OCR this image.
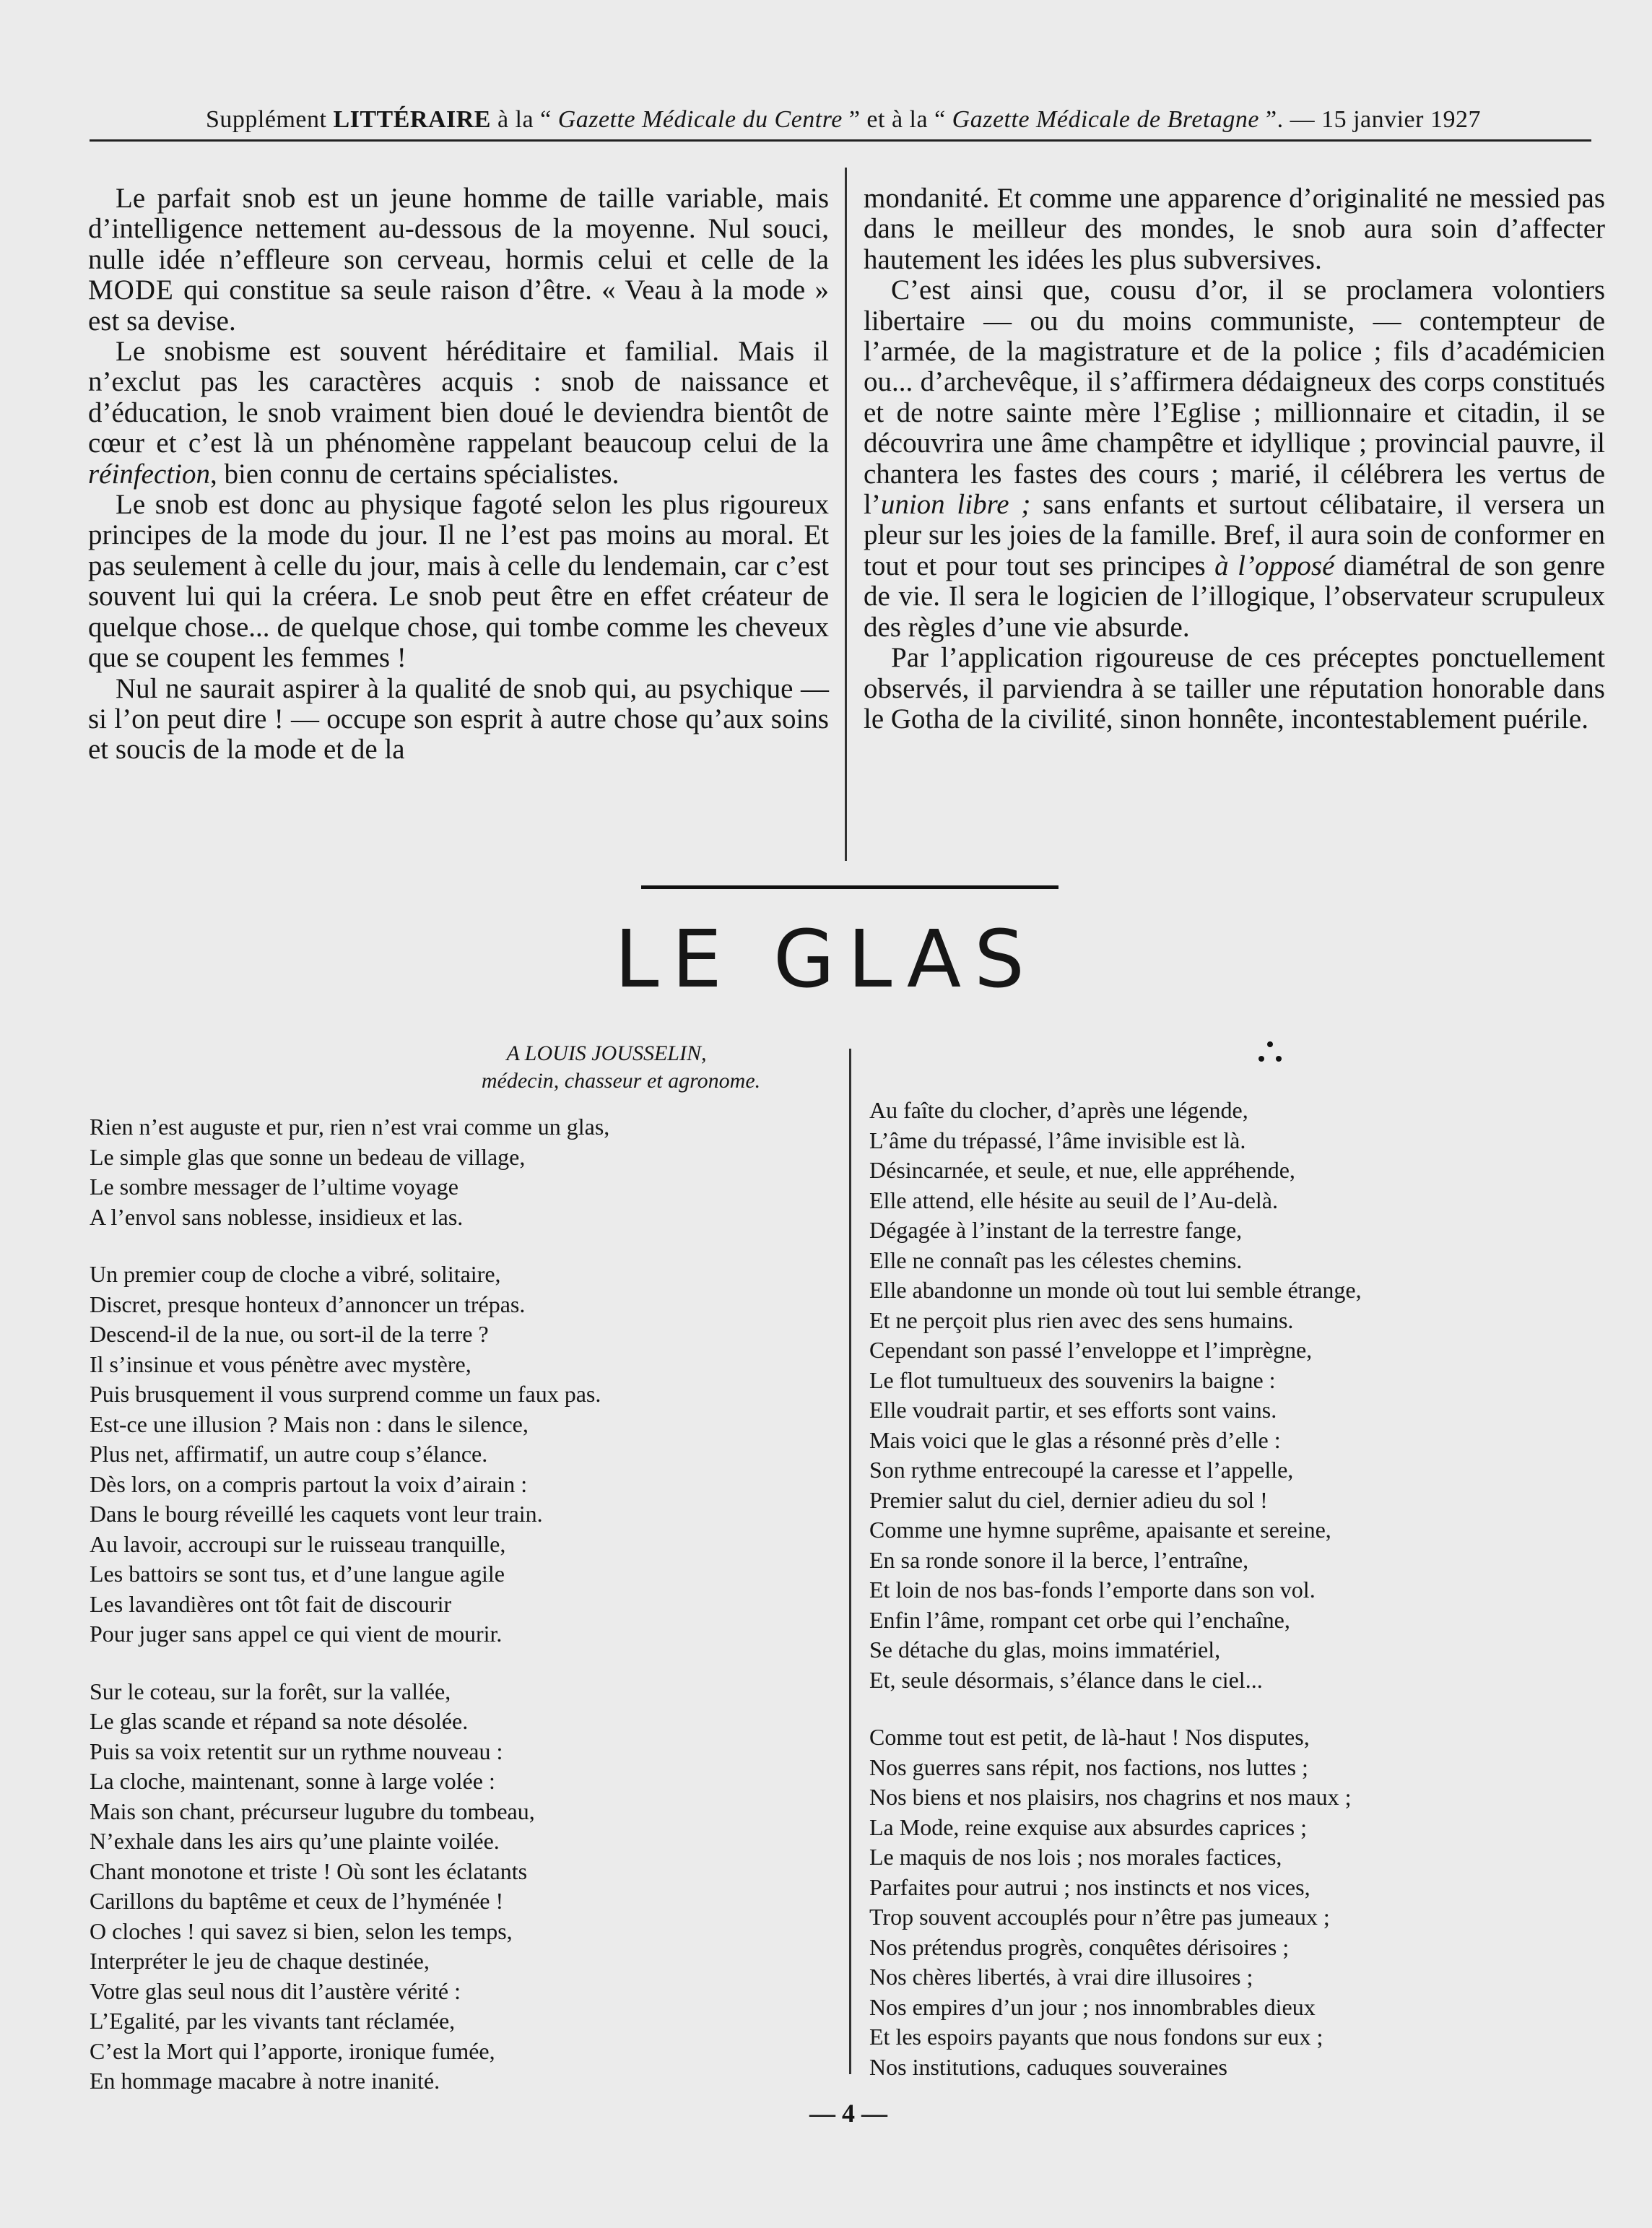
Supplément LITTÉRAIRE à la “ Gazette Médicale du Centre ” et à la “ Gazette Médicale de Bretagne ”. — 15 janvier 1927

Le parfait snob est un jeune homme de taille variable, mais d’intelligence nettement au-dessous de la moyenne. Nul souci, nulle idée n’effleure son cerveau, hormis celui et celle de la MODE qui constitue sa seule raison d’être. « Veau à la mode » est sa devise.

Le snobisme est souvent héréditaire et familial. Mais il n’exclut pas les caractères acquis : snob de naissance et d’éducation, le snob vraiment bien doué le deviendra bientôt de cœur et c’est là un phénomène rappelant beaucoup celui de la réinfection, bien connu de certains spécialistes.

Le snob est donc au physique fagoté selon les plus rigoureux principes de la mode du jour. Il ne l’est pas moins au moral. Et pas seulement à celle du jour, mais à celle du lendemain, car c’est souvent lui qui la créera. Le snob peut être en effet créateur de quelque chose... de quelque chose, qui tombe comme les cheveux que se coupent les femmes !

Nul ne saurait aspirer à la qualité de snob qui, au psychique — si l’on peut dire ! — occupe son esprit à autre chose qu’aux soins et soucis de la mode et de la

mondanité. Et comme une apparence d’originalité ne messied pas dans le meilleur des mondes, le snob aura soin d’affecter hautement les idées les plus subversives.

C’est ainsi que, cousu d’or, il se proclamera volontiers libertaire — ou du moins communiste, — contempteur de l’armée, de la magistrature et de la police ; fils d’académicien ou... d’archevêque, il s’affirmera dédaigneux des corps constitués et de notre sainte mère l’Eglise ; millionnaire et citadin, il se découvrira une âme champêtre et idyllique ; provincial pauvre, il chantera les fastes des cours ; marié, il célébrera les vertus de l’union libre ; sans enfants et surtout célibataire, il versera un pleur sur les joies de la famille. Bref, il aura soin de conformer en tout et pour tout ses principes à l’opposé diamétral de son genre de vie. Il sera le logicien de l’illogique, l’observateur scrupuleux des règles d’une vie absurde.

Par l’application rigoureuse de ces préceptes ponctuellement observés, il parviendra à se tailler une réputation honorable dans le Gotha de la civilité, sinon honnête, incontestablement puérile.

LE GLAS
A LOUIS JOUSSELIN,
médecin, chasseur et agronome.
Rien n’est auguste et pur, rien n’est vrai comme un glas,
Le simple glas que sonne un bedeau de village,
Le sombre messager de l’ultime voyage
A l’envol sans noblesse, insidieux et las.
Un premier coup de cloche a vibré, solitaire,
Discret, presque honteux d’annoncer un trépas.
Descend-il de la nue, ou sort-il de la terre ?
Il s’insinue et vous pénètre avec mystère,
Puis brusquement il vous surprend comme un faux pas.
Est-ce une illusion ? Mais non : dans le silence,
Plus net, affirmatif, un autre coup s’élance.
Dès lors, on a compris partout la voix d’airain :
Dans le bourg réveillé les caquets vont leur train.
Au lavoir, accroupi sur le ruisseau tranquille,
Les battoirs se sont tus, et d’une langue agile
Les lavandières ont tôt fait de discourir
Pour juger sans appel ce qui vient de mourir.
Sur le coteau, sur la forêt, sur la vallée,
Le glas scande et répand sa note désolée.
Puis sa voix retentit sur un rythme nouveau :
La cloche, maintenant, sonne à large volée :
Mais son chant, précurseur lugubre du tombeau,
N’exhale dans les airs qu’une plainte voilée.
Chant monotone et triste ! Où sont les éclatants
Carillons du baptême et ceux de l’hyménée !
O cloches ! qui savez si bien, selon les temps,
Interpréter le jeu de chaque destinée,
Votre glas seul nous dit l’austère vérité :
L’Egalité, par les vivants tant réclamée,
C’est la Mort qui l’apporte, ironique fumée,
En hommage macabre à notre inanité.
Au faîte du clocher, d’après une légende,
L’âme du trépassé, l’âme invisible est là.
Désincarnée, et seule, et nue, elle appréhende,
Elle attend, elle hésite au seuil de l’Au-delà.
Dégagée à l’instant de la terrestre fange,
Elle ne connaît pas les célestes chemins.
Elle abandonne un monde où tout lui semble étrange,
Et ne perçoit plus rien avec des sens humains.
Cependant son passé l’enveloppe et l’imprègne,
Le flot tumultueux des souvenirs la baigne :
Elle voudrait partir, et ses efforts sont vains.
Mais voici que le glas a résonné près d’elle :
Son rythme entrecoupé la caresse et l’appelle,
Premier salut du ciel, dernier adieu du sol !
Comme une hymne suprême, apaisante et sereine,
En sa ronde sonore il la berce, l’entraîne,
Et loin de nos bas-fonds l’emporte dans son vol.
Enfin l’âme, rompant cet orbe qui l’enchaîne,
Se détache du glas, moins immatériel,
Et, seule désormais, s’élance dans le ciel...
Comme tout est petit, de là-haut ! Nos disputes,
Nos guerres sans répit, nos factions, nos luttes ;
Nos biens et nos plaisirs, nos chagrins et nos maux ;
La Mode, reine exquise aux absurdes caprices ;
Le maquis de nos lois ; nos morales factices,
Parfaites pour autrui ; nos instincts et nos vices,
Trop souvent accouplés pour n’être pas jumeaux ;
Nos prétendus progrès, conquêtes dérisoires ;
Nos chères libertés, à vrai dire illusoires ;
Nos empires d’un jour ; nos innombrables dieux
Et les espoirs payants que nous fondons sur eux ;
Nos institutions, caduques souveraines
— 4 —
